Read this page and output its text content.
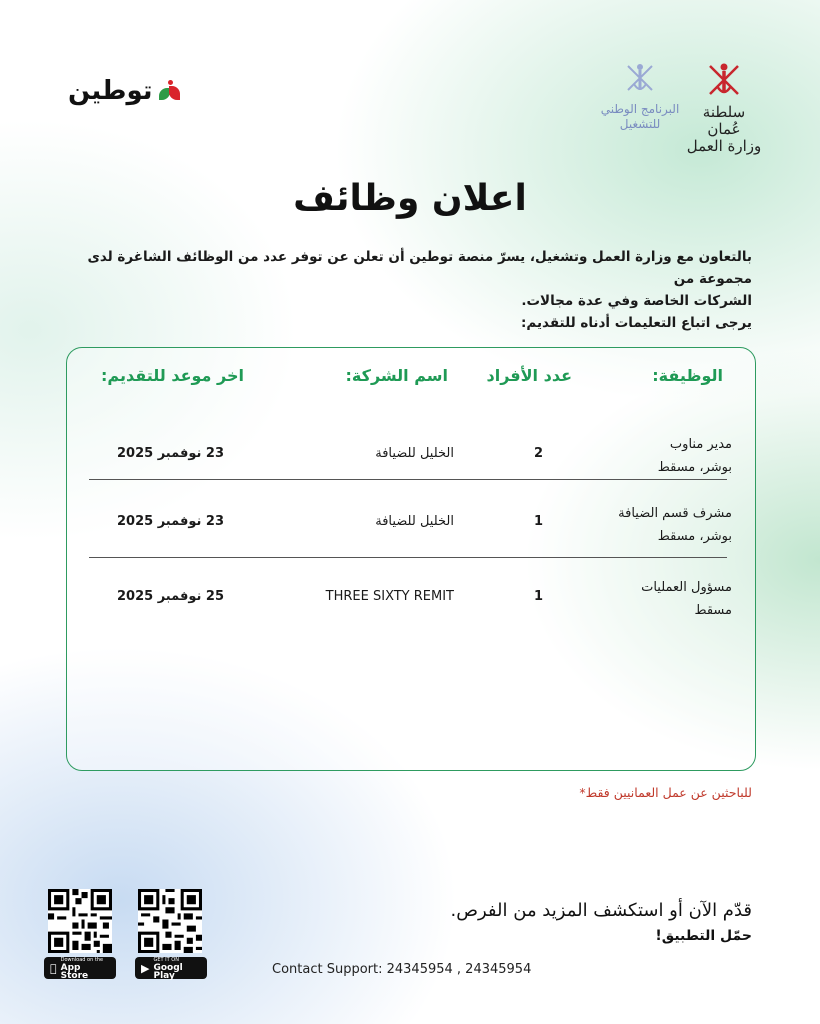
توطين
البرنامج الوطني
للتشغيل
سلطنة عُمان
وزارة العمل
اعلان وظائف
بالتعاون مع وزارة العمل وتشغيل، يسرّ منصة توطين أن تعلن عن توفر عدد من الوظائف الشاغرة لدى مجموعة من
الشركات الخاصة وفي عدة مجالات.
يرجى اتباع التعليمات أدناه للتقديم:
الوظيفة:
عدد الأفراد
اسم الشركة:
اخر موعد للتقديم:
مدير مناوب
بوشر، مسقط
2
الخليل للضيافة
23 نوفمبر 2025
مشرف قسم الضيافة
بوشر، مسقط
1
الخليل للضيافة
23 نوفمبر 2025
مسؤول العمليات
مسقط
1
THREE SIXTY REMIT
25 نوفمبر 2025
للباحثين عن عمل العمانيين فقط*
قدّم الآن أو استكشف المزيد من الفرص.
حمّل التطبيق!
Download on the
App Store	▶
GET IT ON
Googl Play	Contact Support: 24345954 , 24345954
